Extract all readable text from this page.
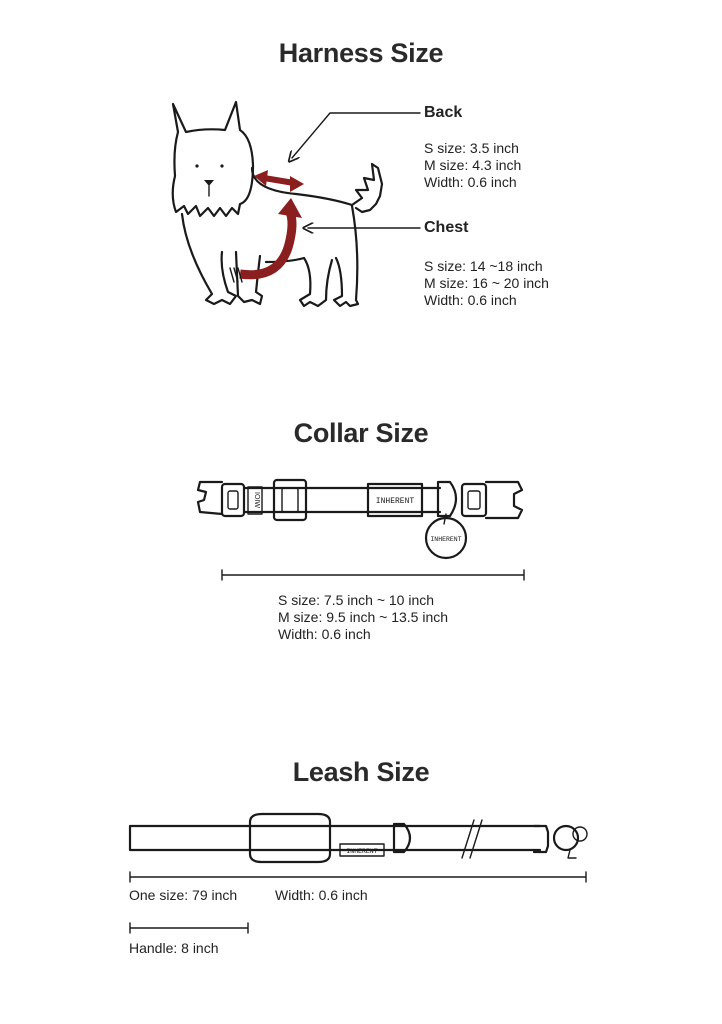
Harness Size
IOIW	INHERENT
INHERENT
INHERENT
Back
S size: 3.5 inch
M size: 4.3 inch
Width: 0.6 inch
Chest
S size: 14 ~18 inch
M size: 16 ~ 20 inch
Width: 0.6 inch
Collar Size
S size: 7.5 inch ~ 10 inch
M size: 9.5 inch ~ 13.5 inch
Width: 0.6 inch
Leash Size
One size: 79 inch	Width: 0.6 inch
Handle: 8 inch
